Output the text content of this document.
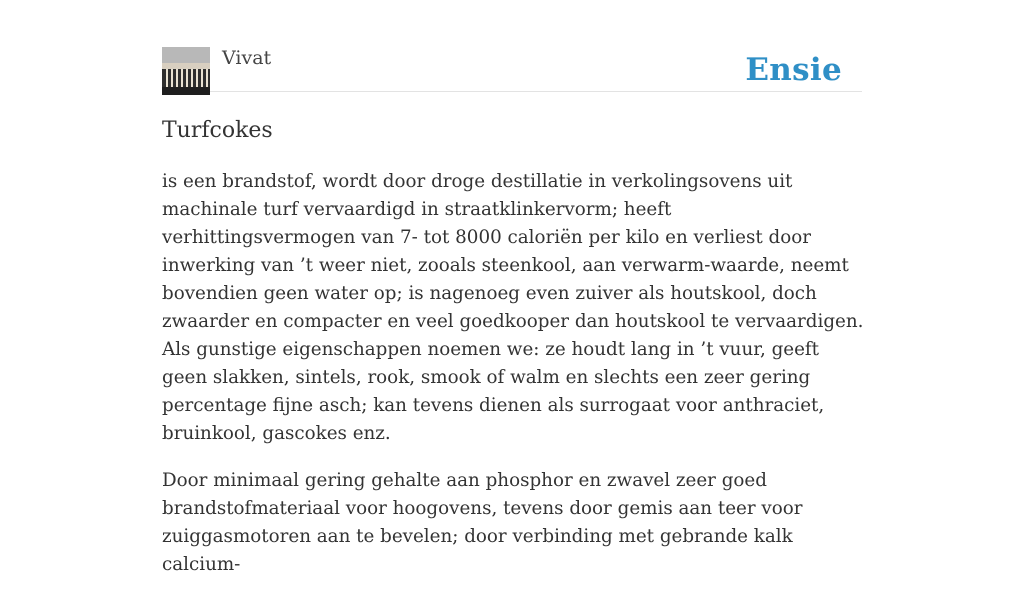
Vivat	Ensie
Turfcokes

is een brandstof, wordt door droge destillatie in verkolingsovens uit machinale turf vervaardigd in straatklinkervorm; heeft verhittingsvermogen van 7- tot 8000 caloriën per kilo en verliest door inwerking van ’t weer niet, zooals steenkool, aan verwarm-waarde, neemt bovendien geen water op; is nagenoeg even zuiver als houtskool, doch zwaarder en compacter en veel goedkooper dan houtskool te vervaardigen. Als gunstige eigenschappen noemen we: ze houdt lang in ’t vuur, geeft geen slakken, sintels, rook, smook of walm en slechts een zeer gering percentage fijne asch; kan tevens dienen als surrogaat voor anthraciet, bruinkool, gascokes enz.

Door minimaal gering gehalte aan phosphor en zwavel zeer goed brandstofmateriaal voor hoogovens, tevens door gemis aan teer voor zuiggasmotoren aan te bevelen; door verbinding met gebrande kalk calcium-
